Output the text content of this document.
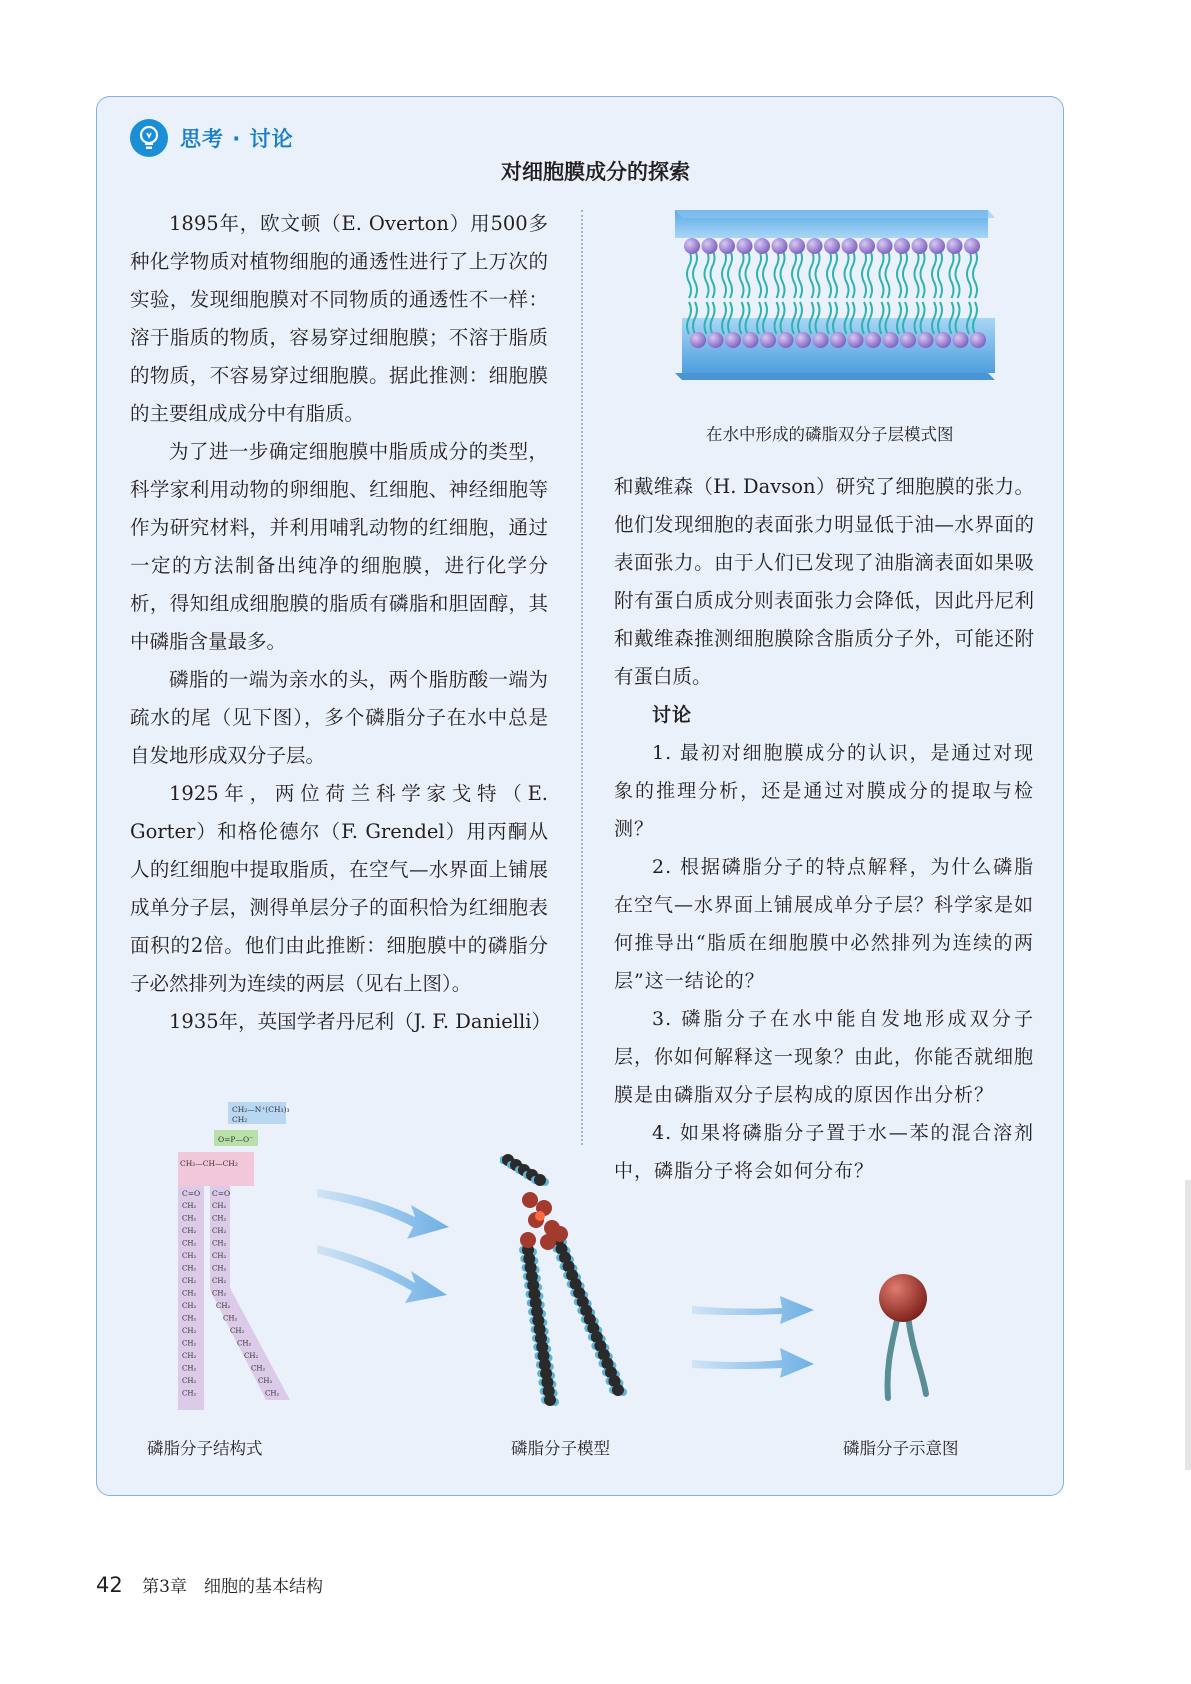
思考 · 讨论
对细胞膜成分的探索

1895年，欧文顿（E. Overton）用500多种化学物质对植物细胞的通透性进行了上万次的实验，发现细胞膜对不同物质的通透性不一样：溶于脂质的物质，容易穿过细胞膜；不溶于脂质的物质，不容易穿过细胞膜。据此推测：细胞膜的主要组成成分中有脂质。

为了进一步确定细胞膜中脂质成分的类型，科学家利用动物的卵细胞、红细胞、神经细胞等作为研究材料，并利用哺乳动物的红细胞，通过一定的方法制备出纯净的细胞膜，进行化学分析，得知组成细胞膜的脂质有磷脂和胆固醇，其中磷脂含量最多。

磷脂的一端为亲水的头，两个脂肪酸一端为疏水的尾（见下图），多个磷脂分子在水中总是自发地形成双分子层。

1925年，两位荷兰科学家戈特（E. Gorter）和格伦德尔（F. Grendel）用丙酮从人的红细胞中提取脂质，在空气—水界面上铺展成单分子层，测得单层分子的面积恰为红细胞表面积的2倍。他们由此推断：细胞膜中的磷脂分子必然排列为连续的两层（见右上图）。

1935年，英国学者丹尼利（J. F. Danielli）

在水中形成的磷脂双分子层模式图

和戴维森（H. Davson）研究了细胞膜的张力。他们发现细胞的表面张力明显低于油—水界面的表面张力。由于人们已发现了油脂滴表面如果吸附有蛋白质成分则表面张力会降低，因此丹尼利和戴维森推测细胞膜除含脂质分子外，可能还附有蛋白质。

讨论

1. 最初对细胞膜成分的认识，是通过对现象的推理分析，还是通过对膜成分的提取与检测？

2. 根据磷脂分子的特点解释，为什么磷脂在空气—水界面上铺展成单分子层？科学家是如何推导出“脂质在细胞膜中必然排列为连续的两层”这一结论的？

3. 磷脂分子在水中能自发地形成双分子层，你如何解释这一现象？由此，你能否就细胞膜是由磷脂双分子层构成的原因作出分析？

4. 如果将磷脂分子置于水—苯的混合溶剂中，磷脂分子将会如何分布？

CH₂—N⁺(CH₃)₃
CH₂
O=P—O⁻
CH₂—CH—CH₂
C=O C=O
CH₂
CH₂
CH₂
CH₂
CH₂
CH₂
CH₂
CH₂
CH₂
CH₂
CH₂
CH₂
CH₂
CH₂
CH₂
CH₂
CH₂
CH₂
CH₂
CH₂
CH₂
CH₂
CH₂
CH₂
CH₂
CH₂
CH₂
CH₂
CH₂
CH₂
CH₂
CH₂
磷脂分子结构式	磷脂分子模型	磷脂分子示意图
42 第3章　细胞的基本结构
